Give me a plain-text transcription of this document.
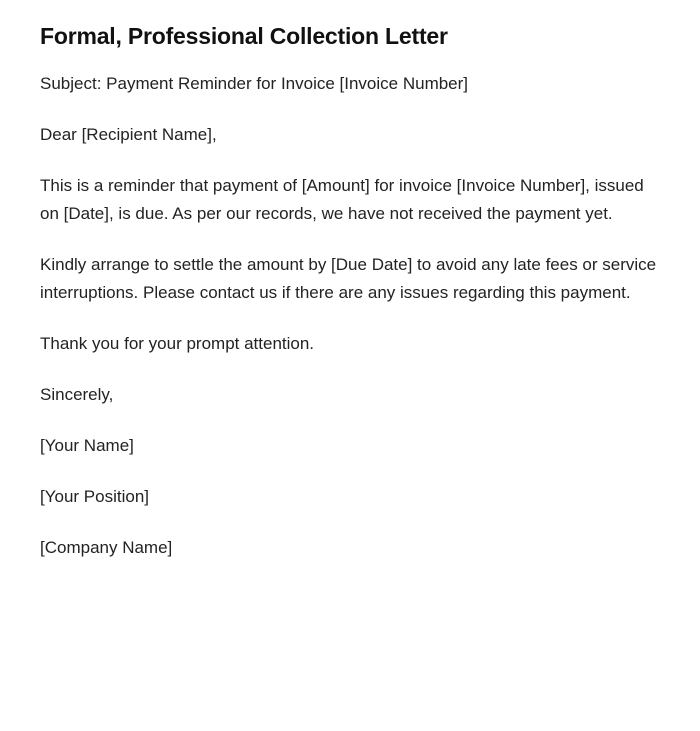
Formal, Professional Collection Letter

Subject: Payment Reminder for Invoice [Invoice Number]

Dear [Recipient Name],

This is a reminder that payment of [Amount] for invoice [Invoice Number], issued on [Date], is due. As per our records, we have not received the payment yet.

Kindly arrange to settle the amount by [Due Date] to avoid any late fees or service interruptions. Please contact us if there are any issues regarding this payment.

Thank you for your prompt attention.

Sincerely,

[Your Name]

[Your Position]

[Company Name]
